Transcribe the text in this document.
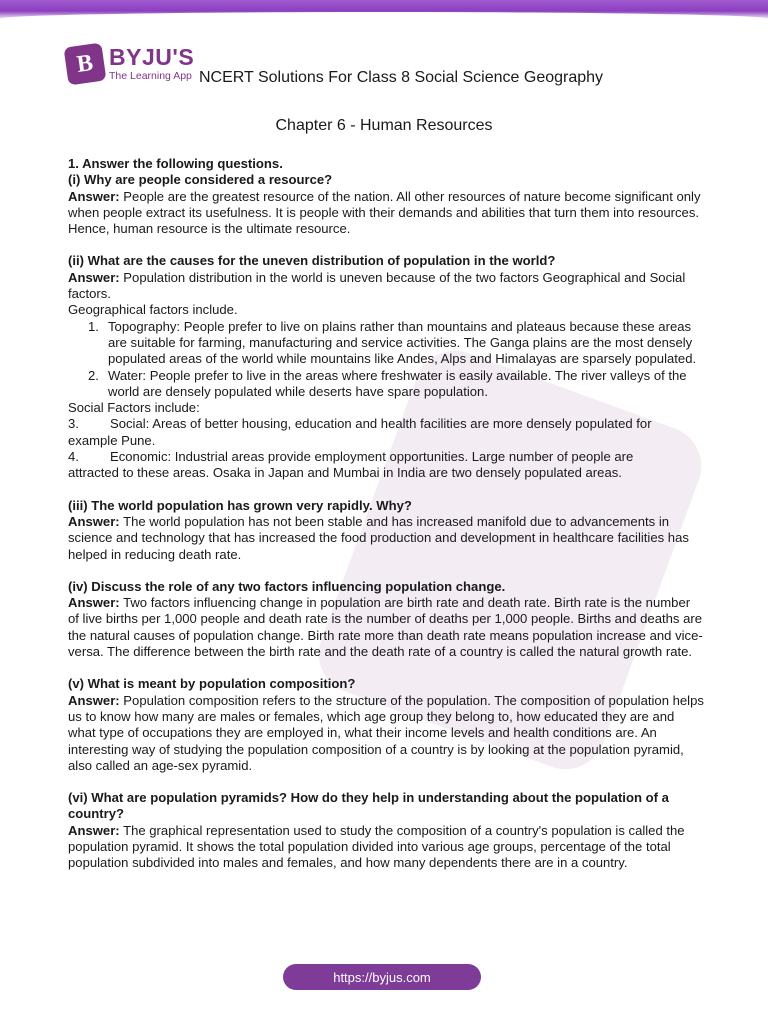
B BYJU'S
The Learning App NCERT Solutions For Class 8 Social Science Geography
Chapter 6 - Human Resources

1. Answer the following questions.

(i) Why are people considered a resource?

Answer: People are the greatest resource of the nation. All other resources of nature become significant only when people extract its usefulness. It is people with their demands and abilities that turn them into resources. Hence, human resource is the ultimate resource.

(ii) What are the causes for the uneven distribution of population in the world?

Answer: Population distribution in the world is uneven because of the two factors Geographical and Social factors.

Geographical factors include.

1. Topography: People prefer to live on plains rather than mountains and plateaus because these areas are suitable for farming, manufacturing and service activities. The Ganga plains are the most densely populated areas of the world while mountains like Andes, Alps and Himalayas are sparsely populated.
2. Water: People prefer to live in the areas where freshwater is easily available. The river valleys of the world are densely populated while deserts have spare population.

Social Factors include:

3.	Social: Areas of better housing, education and health facilities are more densely populated for

example Pune.

4.	Economic: Industrial areas provide employment opportunities. Large number of people are

attracted to these areas. Osaka in Japan and Mumbai in India are two densely populated areas.

(iii) The world population has grown very rapidly. Why?

Answer: The world population has not been stable and has increased manifold due to advancements in science and technology that has increased the food production and development in healthcare facilities has helped in reducing death rate.

(iv) Discuss the role of any two factors influencing population change.

Answer: Two factors influencing change in population are birth rate and death rate. Birth rate is the number of live births per 1,000 people and death rate is the number of deaths per 1,000 people. Births and deaths are the natural causes of population change. Birth rate more than death rate means population increase and vice-versa. The difference between the birth rate and the death rate of a country is called the natural growth rate.

(v) What is meant by population composition?

Answer: Population composition refers to the structure of the population. The composition of population helps us to know how many are males or females, which age group they belong to, how educated they are and what type of occupations they are employed in, what their income levels and health conditions are. An interesting way of studying the population composition of a country is by looking at the population pyramid, also called an age-sex pyramid.

(vi) What are population pyramids? How do they help in understanding about the population of a country?

Answer: The graphical representation used to study the composition of a country's population is called the population pyramid. It shows the total population divided into various age groups, percentage of the total population subdivided into males and females, and how many dependents there are in a country.

https://byjus.com
